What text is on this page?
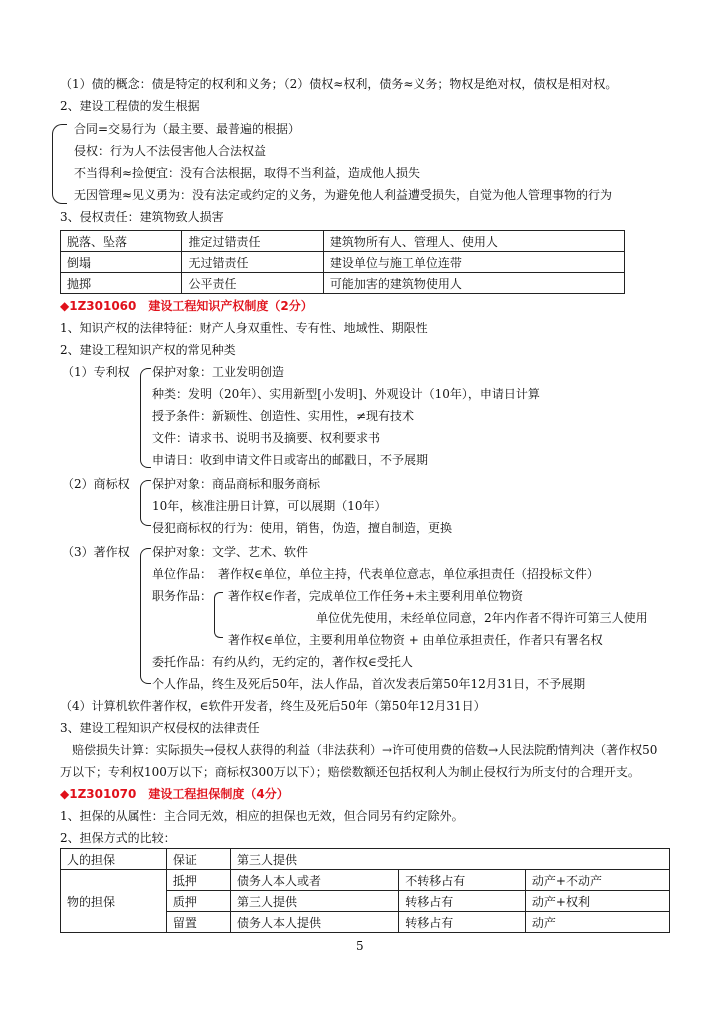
（1）债的概念：债是特定的权利和义务；（2）债权≈权利，债务≈义务；物权是绝对权，债权是相对权。
2、建设工程债的发生根据
合同=交易行为（最主要、最普遍的根据）
侵权：行为人不法侵害他人合法权益
不当得利≈捡便宜：没有合法根据，取得不当利益，造成他人损失
无因管理≈见义勇为：没有法定或约定的义务，为避免他人利益遭受损失，自觉为他人管理事物的行为
3、侵权责任：建筑物致人损害
脱落、坠落	推定过错责任	建筑物所有人、管理人、使用人
倒塌	无过错责任	建设单位与施工单位连带
抛掷	公平责任	可能加害的建筑物使用人
◆1Z301060　建设工程知识产权制度（2分）
1、知识产权的法律特征：财产人身双重性、专有性、地域性、期限性
2、建设工程知识产权的常见种类
（1）专利权 保护对象：工业发明创造
种类：发明（20年）、实用新型[小发明]、外观设计（10年），申请日计算
授予条件：新颖性、创造性、实用性，≠现有技术
文件：请求书、说明书及摘要、权利要求书
申请日：收到申请文件日或寄出的邮戳日，不予展期
（2）商标权 保护对象：商品商标和服务商标
10年，核准注册日计算，可以展期（10年）
侵犯商标权的行为：使用，销售，伪造，擅自制造，更换
（3）著作权 保护对象：文学、艺术、软件
单位作品：　著作权∈单位，单位主持，代表单位意志，单位承担责任（招投标文件）
职务作品： 著作权∈作者，完成单位工作任务+未主要利用单位物资
单位优先使用，未经单位同意，2年内作者不得许可第三人使用
著作权∈单位，主要利用单位物资 + 由单位承担责任，作者只有署名权
委托作品：有约从约，无约定的，著作权∈受托人
个人作品，终生及死后50年，法人作品，首次发表后第50年12月31日，不予展期
（4）计算机软件著作权，∈软件开发者，终生及死后50年（第50年12月31日）
3、建设工程知识产权侵权的法律责任
　赔偿损失计算：实际损失→侵权人获得的利益（非法获利）→许可使用费的倍数→人民法院酌情判决（著作权50
万以下；专利权100万以下；商标权300万以下）；赔偿数额还包括权利人为制止侵权行为所支付的合理开支。
◆1Z301070　建设工程担保制度（4分）
1、担保的从属性：主合同无效，相应的担保也无效，但合同另有约定除外。
2、担保方式的比较：
人的担保	保证	第三人提供		
物的担保	抵押	债务人本人或者	不转移占有	动产+不动产
	质押	第三人提供	转移占有	动产+权利
	留置	债务人本人提供	转移占有	动产
5
